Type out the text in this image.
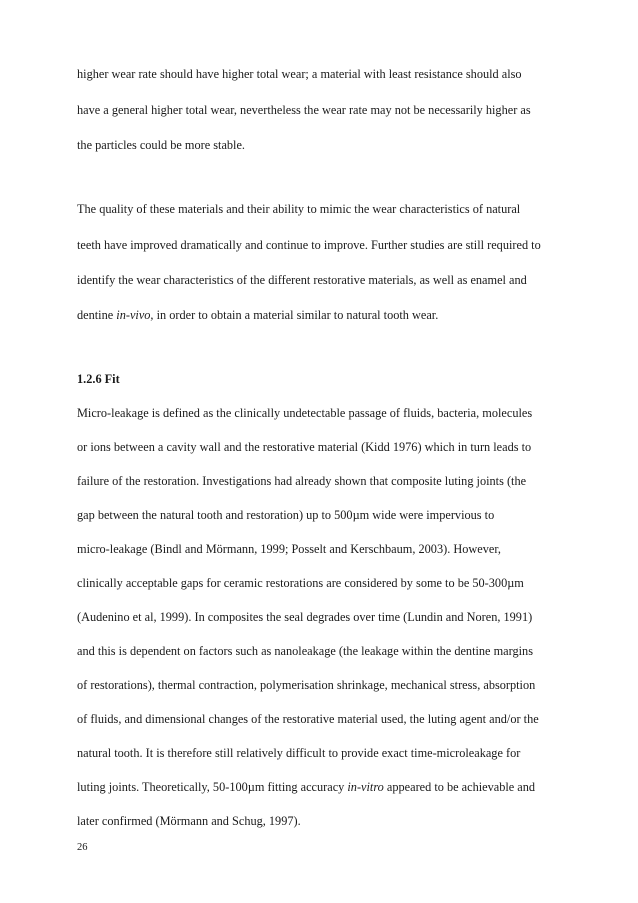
higher wear rate should have higher total wear; a material with least resistance should also
have a general higher total wear, nevertheless the wear rate may not be necessarily higher as
the particles could be more stable.
The quality of these materials and their ability to mimic the wear characteristics of natural
teeth have improved dramatically and continue to improve. Further studies are still required to
identify the wear characteristics of the different restorative materials, as well as enamel and
dentine in-vivo, in order to obtain a material similar to natural tooth wear.
1.2.6 Fit
Micro-leakage is defined as the clinically undetectable passage of fluids, bacteria, molecules
or ions between a cavity wall and the restorative material (Kidd 1976) which in turn leads to
failure of the restoration. Investigations had already shown that composite luting joints (the
gap between the natural tooth and restoration) up to 500µm wide were impervious to
micro-leakage (Bindl and Mörmann, 1999; Posselt and Kerschbaum, 2003). However,
clinically acceptable gaps for ceramic restorations are considered by some to be 50-300µm
(Audenino et al, 1999). In composites the seal degrades over time (Lundin and Noren, 1991)
and this is dependent on factors such as nanoleakage (the leakage within the dentine margins
of restorations), thermal contraction, polymerisation shrinkage, mechanical stress, absorption
of fluids, and dimensional changes of the restorative material used, the luting agent and/or the
natural tooth. It is therefore still relatively difficult to provide exact time-microleakage for
luting joints. Theoretically, 50-100µm fitting accuracy in-vitro appeared to be achievable and
later confirmed (Mörmann and Schug, 1997).
26
